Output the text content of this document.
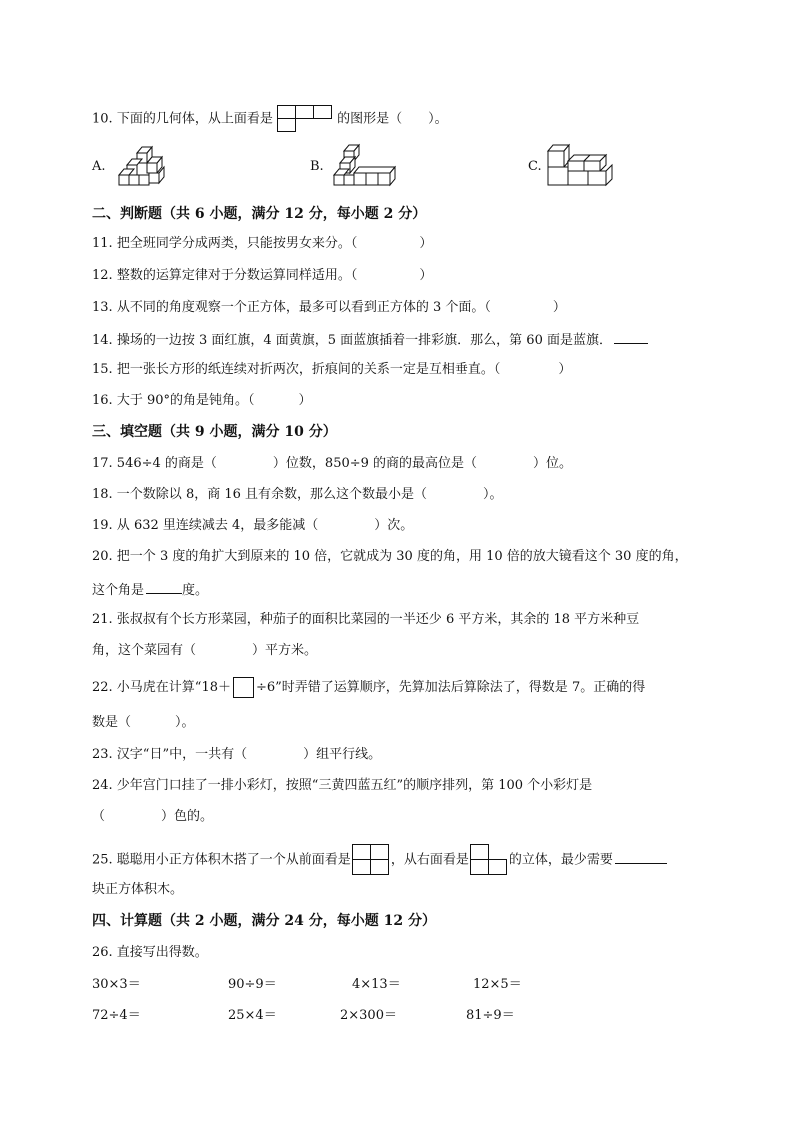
10. 下面的几何体，从上面看是	的图形是（　　）。
A.	B.	C.
二、判断题（共 6 小题，满分 12 分，每小题 2 分）
11. 把全班同学分成两类，只能按男女来分。（	）
12. 整数的运算定律对于分数运算同样适用。（	）
13. 从不同的角度观察一个正方体，最多可以看到正方体的 3 个面。（	）
14. 操场的一边按 3 面红旗，4 面黄旗，5 面蓝旗插着一排彩旗．那么，第 60 面是蓝旗．
15. 把一张长方形的纸连续对折两次，折痕间的关系一定是互相垂直。（	）
16. 大于 90°的角是钝角。（	）
三、填空题（共 9 小题，满分 10 分）
17. 546÷4 的商是（	）位数，850÷9 的商的最高位是（	）位。
18. 一个数除以 8，商 16 且有余数，那么这个数最小是（	）。
19. 从 632 里连续减去 4，最多能减（	）次。
20. 把一个 3 度的角扩大到原来的 10 倍，它就成为 30 度的角，用 10 倍的放大镜看这个 30 度的角，
这个角是	度。
21. 张叔叔有个长方形菜园，种茄子的面积比菜园的一半还少 6 平方米，其余的 18 平方米种豆
角，这个菜园有（	）平方米。
22. 小马虎在计算“18＋ ÷6”时弄错了运算顺序，先算加法后算除法了，得数是 7。正确的得
数是（	）。
23. 汉字“日”中，一共有（	）组平行线。
24. 少年宫门口挂了一排小彩灯，按照“三黄四蓝五红”的顺序排列，第 100 个小彩灯是
（	）色的。
25. 聪聪用小正方体积木搭了一个从前面看是	，从右面看是	的立体，最少需要
块正方体积木。
四、计算题（共 2 小题，满分 24 分，每小题 12 分）
26. 直接写出得数。
30×3＝	90÷9＝	4×13＝	12×5＝
72÷4＝	25×4＝	2×300＝	81÷9＝
